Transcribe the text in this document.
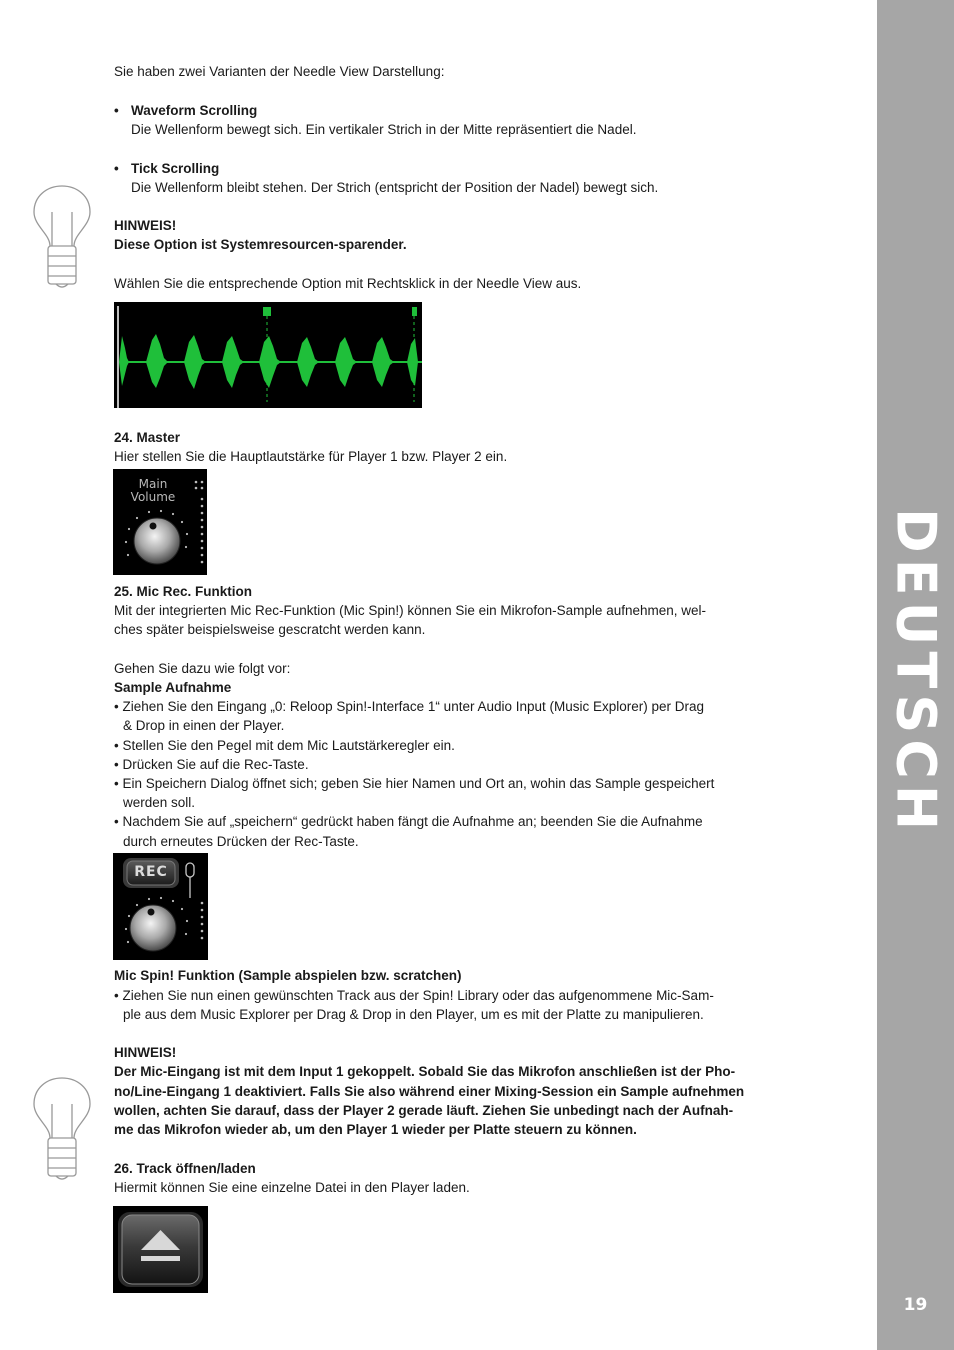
DEUTSCH
19
Sie haben zwei Varianten der Needle View Darstellung:
• Waveform Scrolling
Die Wellenform bewegt sich. Ein vertikaler Strich in der Mitte repräsentiert die Nadel.
• Tick Scrolling
Die Wellenform bleibt stehen. Der Strich (entspricht der Position der Nadel) bewegt sich.
HINWEIS!
Diese Option ist Systemresourcen-sparender.
Wählen Sie die entsprechende Option mit Rechtsklick in der Needle View aus.
24. Master
Hier stellen Sie die Hauptlautstärke für Player 1 bzw. Player 2 ein.
Main
Volume
25. Mic Rec. Funktion
Mit der integrierten Mic Rec-Funktion (Mic Spin!) können Sie ein Mikrofon-Sample aufnehmen, wel-
ches später beispielsweise gescratcht werden kann.
Gehen Sie dazu wie folgt vor:
Sample Aufnahme
• Ziehen Sie den Eingang „0: Reloop Spin!-Interface 1“ unter Audio Input (Music Explorer) per Drag
& Drop in einen der Player.
• Stellen Sie den Pegel mit dem Mic Lautstärkeregler ein.
• Drücken Sie auf die Rec-Taste.
• Ein Speichern Dialog öffnet sich; geben Sie hier Namen und Ort an, wohin das Sample gespeichert
werden soll.
• Nachdem Sie auf „speichern“ gedrückt haben fängt die Aufnahme an; beenden Sie die Aufnahme
durch erneutes Drücken der Rec-Taste.
REC
Mic Spin! Funktion (Sample abspielen bzw. scratchen)
• Ziehen Sie nun einen gewünschten Track aus der Spin! Library oder das aufgenommene Mic-Sam-
ple aus dem Music Explorer per Drag & Drop in den Player, um es mit der Platte zu manipulieren.
HINWEIS!
Der Mic-Eingang ist mit dem Input 1 gekoppelt. Sobald Sie das Mikrofon anschließen ist der Pho-
no/Line-Eingang 1 deaktiviert. Falls Sie also während einer Mixing-Session ein Sample aufnehmen
wollen, achten Sie darauf, dass der Player 2 gerade läuft. Ziehen Sie unbedingt nach der Aufnah-
me das Mikrofon wieder ab, um den Player 1 wieder per Platte steuern zu können.
26. Track öffnen/laden
Hiermit können Sie eine einzelne Datei in den Player laden.
